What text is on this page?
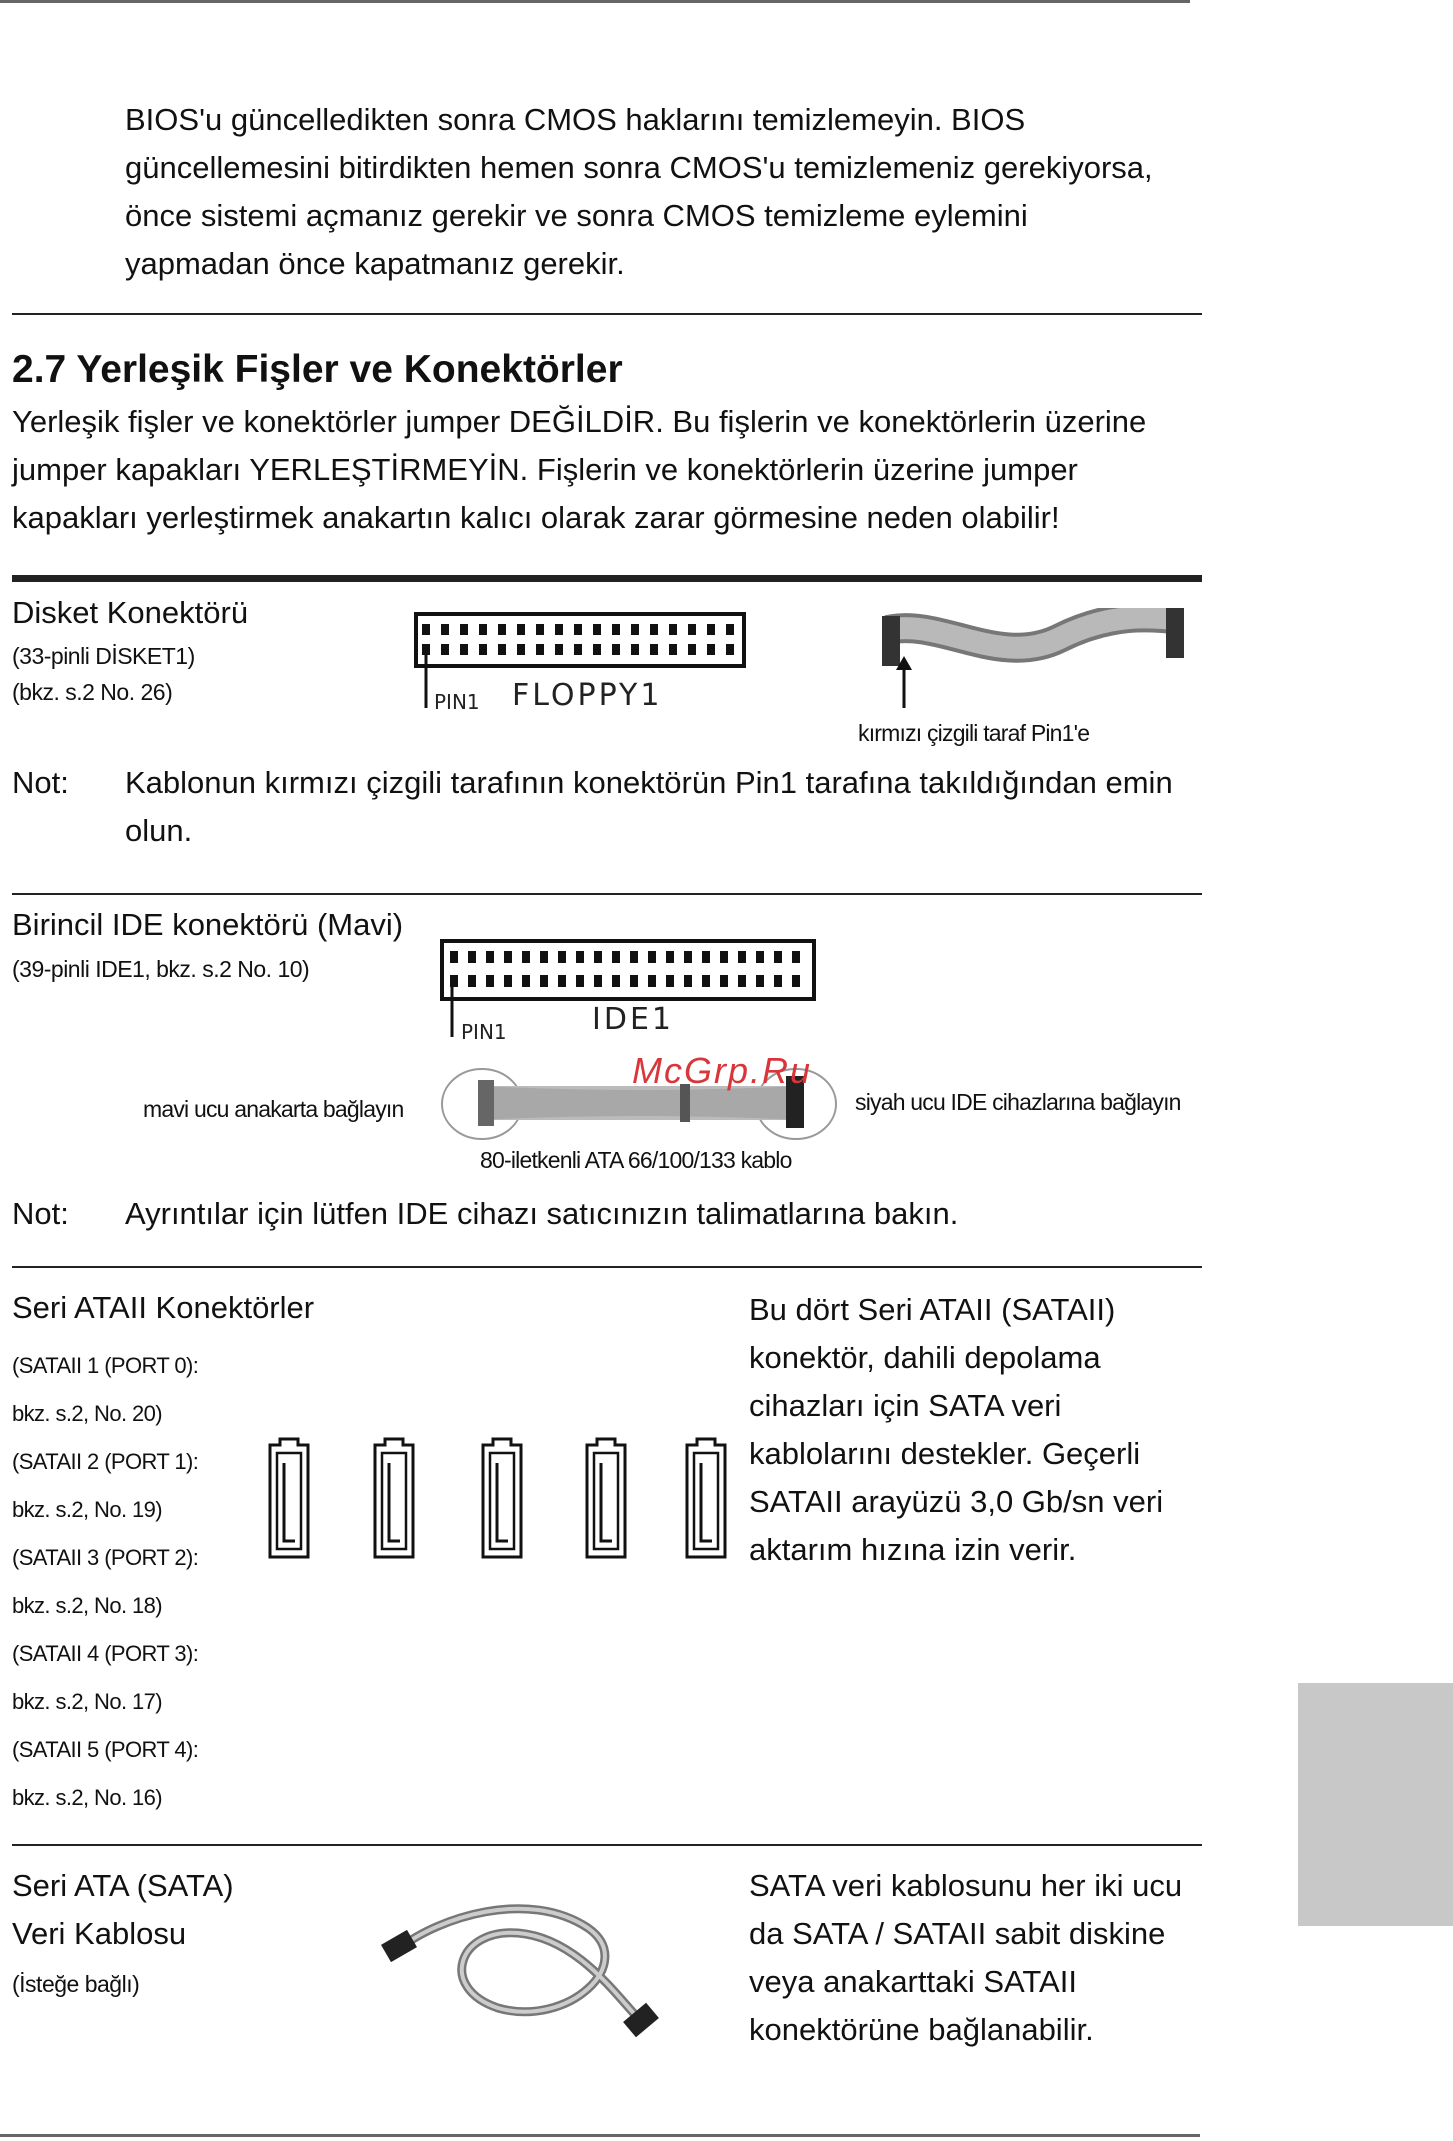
BIOS'u güncelledikten sonra CMOS haklarını temizlemeyin. BIOS
güncellemesini bitirdikten hemen sonra CMOS'u temizlemeniz gerekiyorsa,
önce sistemi açmanız gerekir ve sonra CMOS temizleme eylemini
yapmadan önce kapatmanız gerekir.
2.7 Yerleşik Fişler ve Konektörler
Yerleşik fişler ve konektörler jumper DEĞİLDİR. Bu fişlerin ve konektörlerin üzerine
jumper kapakları YERLEŞTİRMEYİN. Fişlerin ve konektörlerin üzerine jumper
kapakları yerleştirmek anakartın kalıcı olarak zarar görmesine neden olabilir!
Disket Konektörü
(33-pinli DİSKET1)
(bkz. s.2 No. 26)	PIN1 FLOPPY1
kırmızı çizgili taraf Pin1'e
Not: Kablonun kırmızı çizgili tarafının konektörün Pin1 tarafına takıldığından emin
olun.
Birincil IDE konektörü (Mavi)
(39-pinli IDE1, bkz. s.2 No. 10)
PIN1	IDE1
McGrp.Ru
mavi ucu anakarta bağlayın	siyah ucu IDE cihazlarına bağlayın
80-iletkenli ATA 66/100/133 kablo
Not: Ayrıntılar için lütfen IDE cihazı satıcınızın talimatlarına bakın.
Seri ATAII Konektörler
(SATAII 1 (PORT 0):
bkz. s.2, No. 20)
(SATAII 2 (PORT 1):
bkz. s.2, No. 19)
(SATAII 3 (PORT 2):
bkz. s.2, No. 18)
(SATAII 4 (PORT 3):
bkz. s.2, No. 17)
(SATAII 5 (PORT 4):
bkz. s.2, No. 16)
Bu dört Seri ATAII (SATAII)
konektör, dahili depolama
cihazları için SATA veri
kablolarını destekler. Geçerli
SATAII arayüzü 3,0 Gb/sn veri
aktarım hızına izin verir.
Seri ATA (SATA)
Veri Kablosu
(İsteğe bağlı)
SATA veri kablosunu her iki ucu
da SATA / SATAII sabit diskine
veya anakarttaki SATAII
konektörüne bağlanabilir.
